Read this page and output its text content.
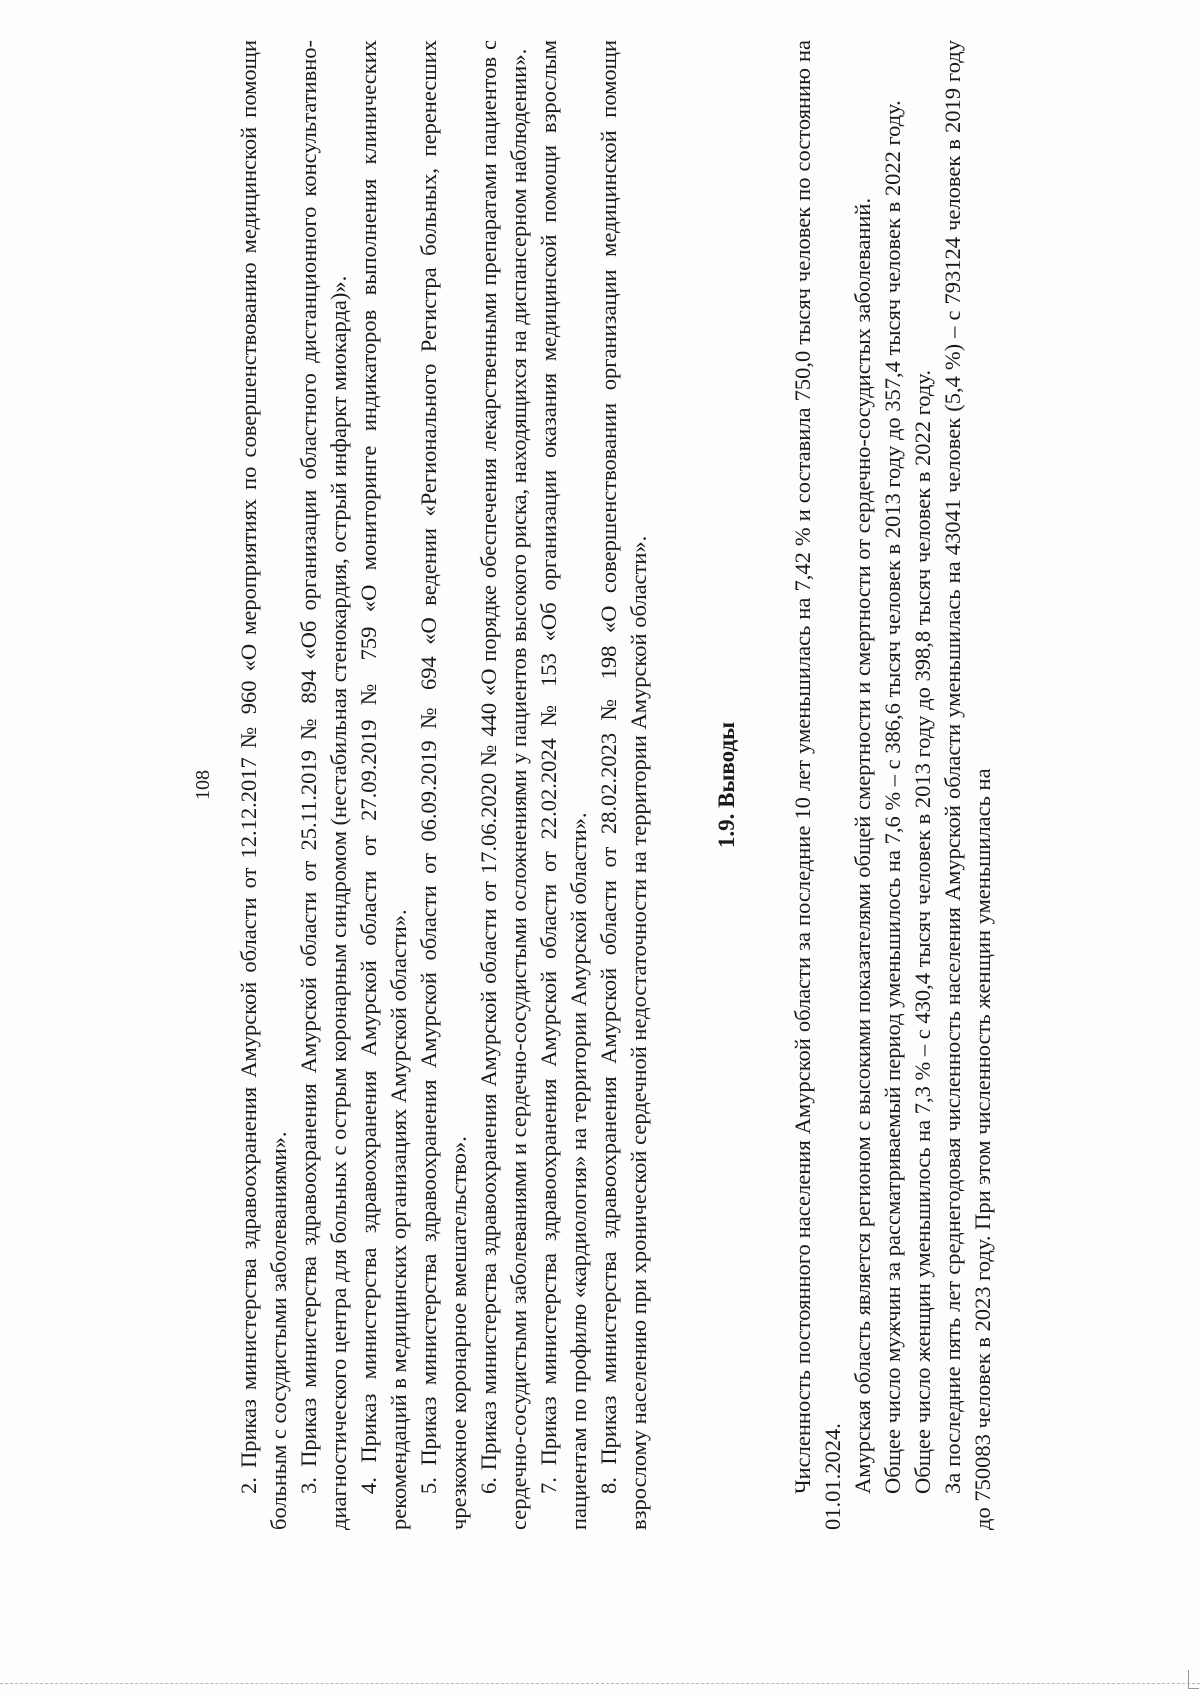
108 2. Приказ министерства здравоохранения Амурской области от 12.12.2017 № 960 «О мероприятиях по совершенствованию медицинской помощи больным с сосудистыми заболеваниями». 3. Приказ министерства здравоохранения Амурской области от 25.11.2019 № 894 «Об организации областного дистанционного консультативно-диагностического центра для больных с острым коронарным синдромом (нестабильная стенокардия, острый инфаркт миокарда)». 4. Приказ министерства здравоохранения Амурской области от 27.09.2019 № 759 «О мониторинге индикаторов выполнения клинических рекомендаций в медицинских организациях Амурской области». 5. Приказ министерства здравоохранения Амурской области от 06.09.2019 № 694 «О ведении «Регионального Регистра больных, перенесших чрезкожное коронарное вмешательство». 6. Приказ министерства здравоохранения Амурской области от 17.06.2020 № 440 «О порядке обеспечения лекарственными препаратами пациентов с сердечно-сосудистыми заболеваниями и сердечно-сосудистыми осложнениями у пациентов высокого риска, находящихся на диспансерном наблюдении». 7. Приказ министерства здравоохранения Амурской области от 22.02.2024 № 153 «Об организации оказания медицинской помощи взрослым пациентам по профилю «кардиология» на территории Амурской области». 8. Приказ министерства здравоохранения Амурской области от 28.02.2023 № 198 «О совершенствовании организации медицинской помощи взрослому населению при хронической сердечной недостаточности на территории Амурской области».	1.9. Выводы Численность постоянного населения Амурской области за последние 10 лет уменьшилась на 7,42 % и составила 750,0 тысяч человек по состоянию на 01.01.2024. Амурская область является регионом с высокими показателями общей смертности и смертности от сердечно-сосудистых заболеваний. Общее число мужчин за рассматриваемый период уменьшилось на 7,6 % – с 386,6 тысяч человек в 2013 году до 357,4 тысяч человек в 2022 году. Общее число женщин уменьшилось на 7,3 % – с 430,4 тысяч человек в 2013 году до 398,8 тысяч человек в 2022 году. За последние пять лет среднегодовая численность населения Амурской области уменьшилась на 43041 человек (5,4 %) – с 793124 человек в 2019 году до 750083 человек в 2023 году. При этом численность женщин уменьшилась на
